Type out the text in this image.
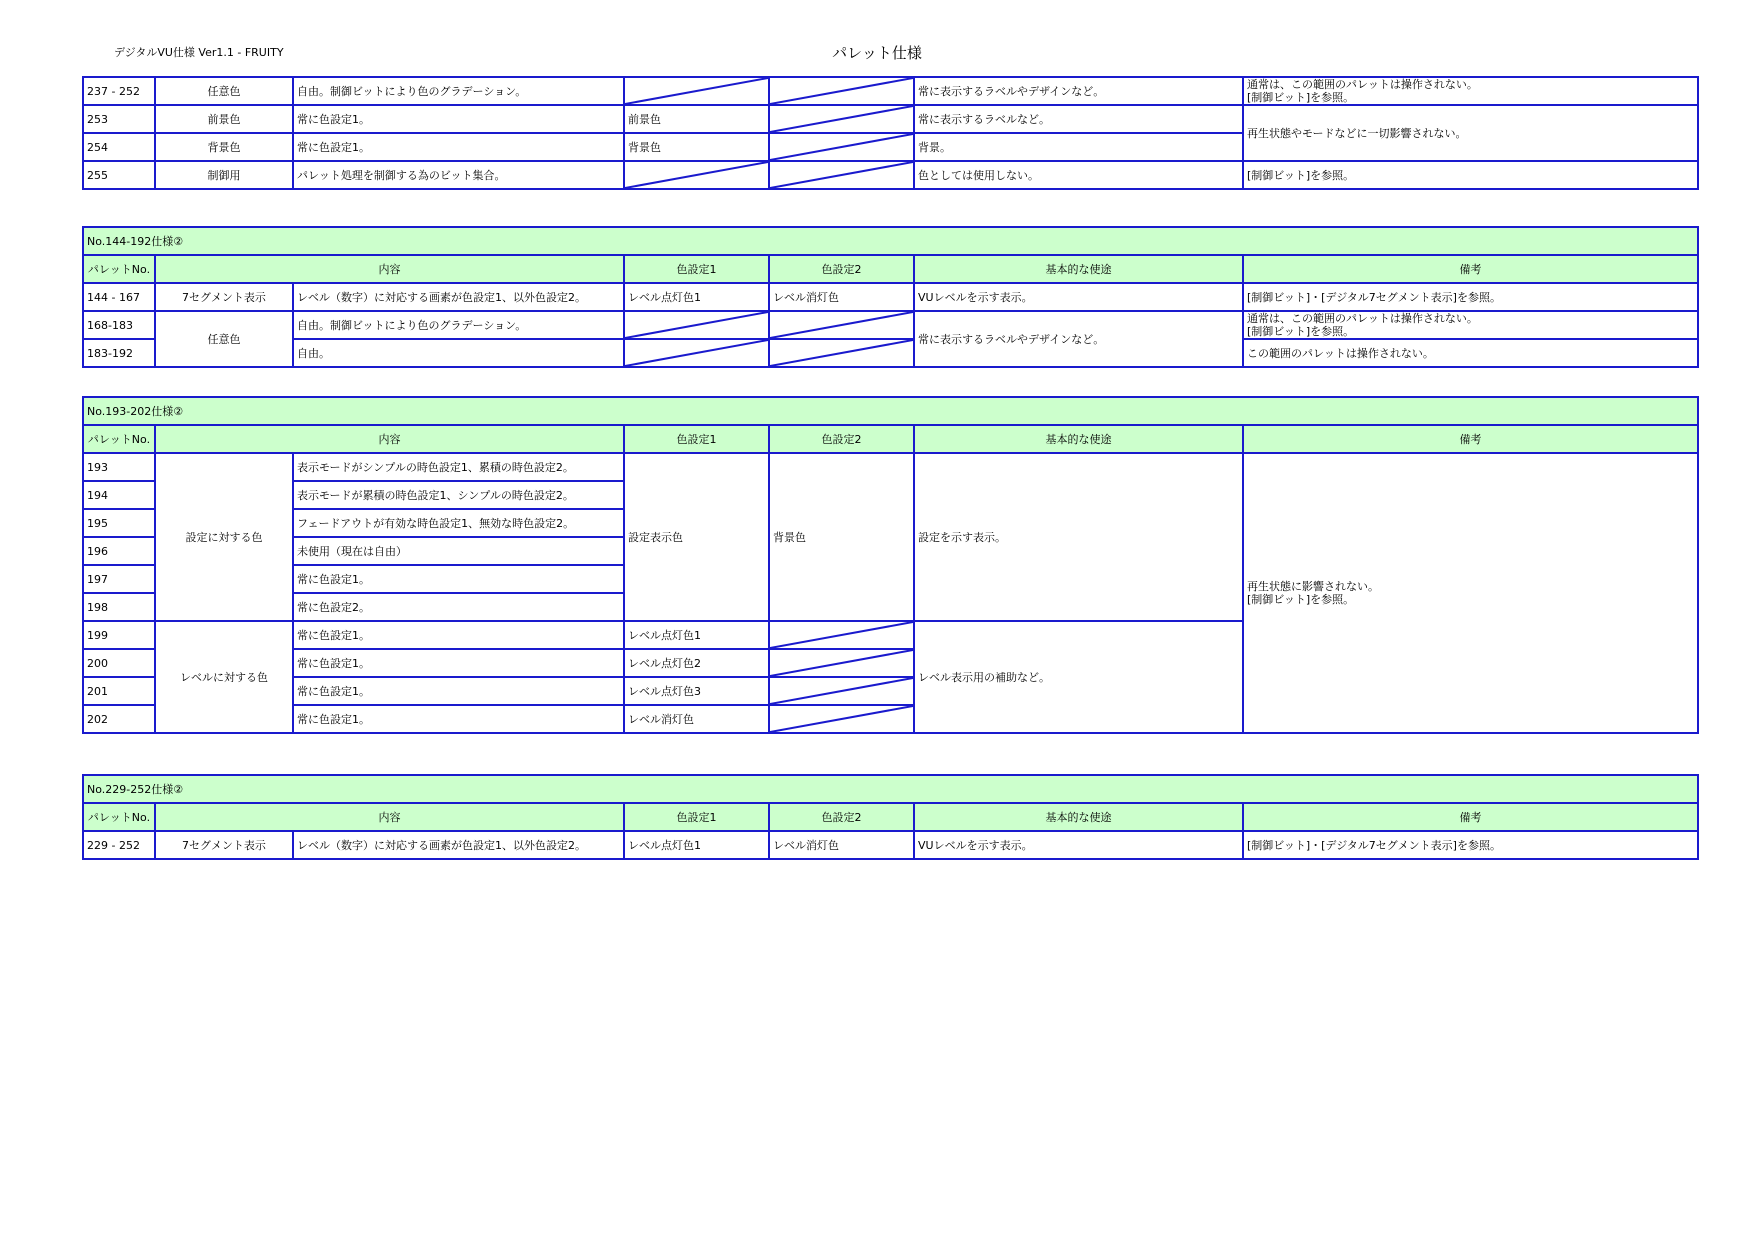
デジタルVU仕様 Ver1.1 - FRUITY	パレット仕様
237 - 252	任意色	自由。制御ビットにより色のグラデーション。			常に表示するラベルやデザインなど。	通常は、この範囲のパレットは操作されない。
[制御ビット]を参照。

253	前景色	常に色設定1。	前景色		常に表示するラベルなど。	再生状態やモードなどに一切影響されない。
254	背景色	常に色設定1。	背景色		背景。	
255	制御用	パレット処理を制御する為のビット集合。			色としては使用しない。	[制御ビット]を参照。
No.144-192仕様②						
パレットNo.	内容		色設定1	色設定2	基本的な使途	備考
144 - 167	7セグメント表示	レベル（数字）に対応する画素が色設定1、以外色設定2。	レベル点灯色1	レベル消灯色	VUレベルを示す表示。	[制御ビット]・[デジタル7セグメント表示]を参照。
168-183	任意色	自由。制御ビットにより色のグラデーション。			常に表示するラベルやデザインなど。	通常は、この範囲のパレットは操作されない。
[制御ビット]を参照。

183-192		自由。				この範囲のパレットは操作されない。
No.193-202仕様②						
パレットNo.	内容		色設定1	色設定2	基本的な使途	備考
193	設定に対する色	表示モードがシンプルの時色設定1、累積の時色設定2。	設定表示色	背景色	設定を示す表示。	再生状態に影響されない。
[制御ビット]を参照。

194		表示モードが累積の時色設定1、シンプルの時色設定2。				
195		フェードアウトが有効な時色設定1、無効な時色設定2。				
196		未使用（現在は自由）				
197		常に色設定1。				
198		常に色設定2。				
199	レベルに対する色	常に色設定1。	レベル点灯色1		レベル表示用の補助など。	
200		常に色設定1。	レベル点灯色2	

201		常に色設定1。	レベル点灯色3	

202		常に色設定1。	レベル消灯色	
No.229-252仕様②						
パレットNo.	内容		色設定1	色設定2	基本的な使途	備考
229 - 252	7セグメント表示	レベル（数字）に対応する画素が色設定1、以外色設定2。	レベル点灯色1	レベル消灯色	VUレベルを示す表示。	[制御ビット]・[デジタル7セグメント表示]を参照。
